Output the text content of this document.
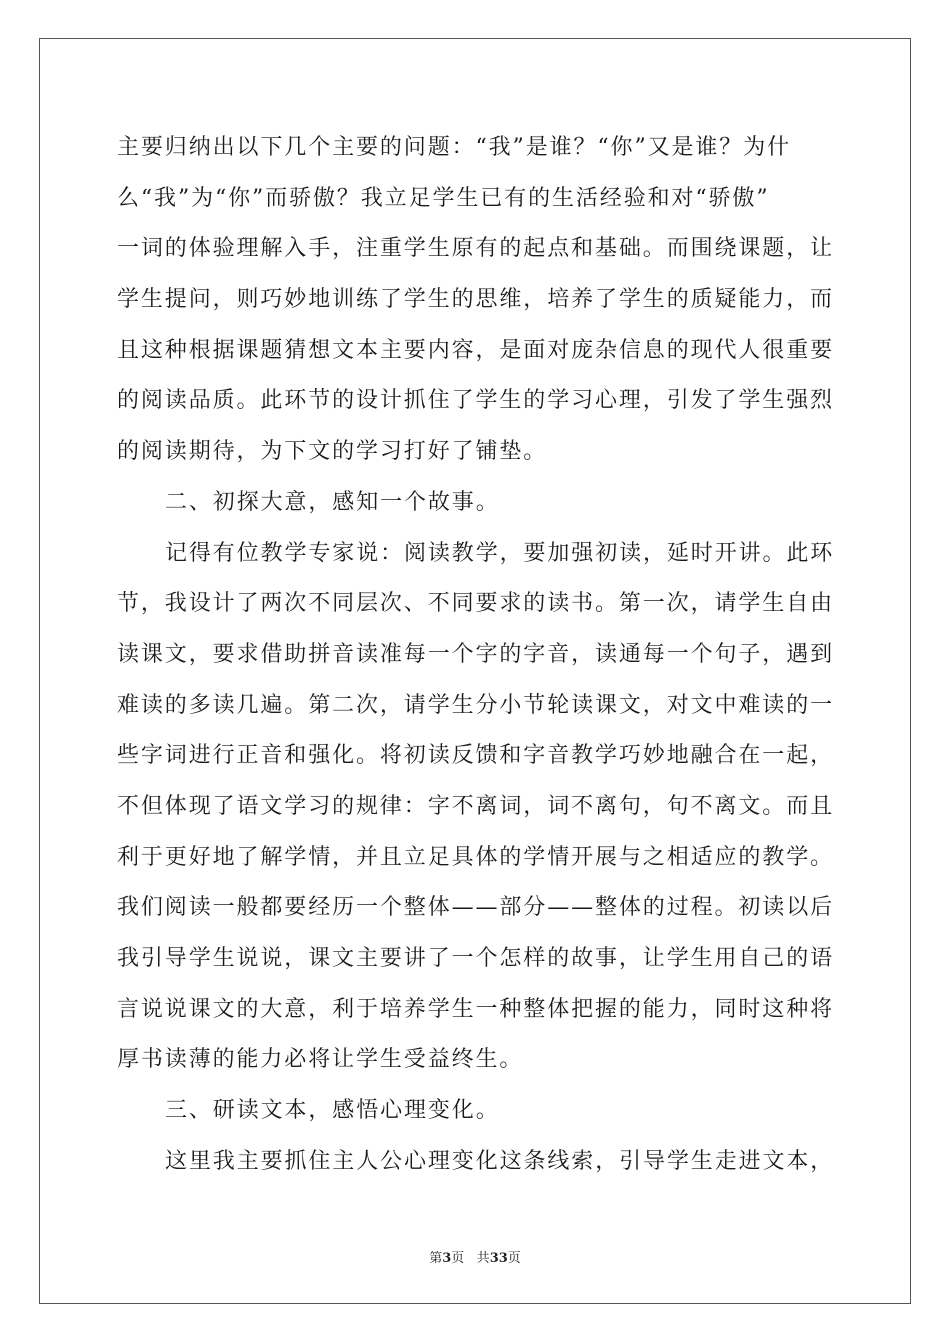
主要归纳出以下几个主要的问题：“我”是谁？“你”又是谁？为什
么“我”为“你”而骄傲？我立足学生已有的生活经验和对“骄傲”
一词的体验理解入手，注重学生原有的起点和基础。而围绕课题，让
学生提问，则巧妙地训练了学生的思维，培养了学生的质疑能力，而
且这种根据课题猜想文本主要内容，是面对庞杂信息的现代人很重要
的阅读品质。此环节的设计抓住了学生的学习心理，引发了学生强烈
的阅读期待，为下文的学习打好了铺垫。
二、初探大意，感知一个故事。
记得有位教学专家说：阅读教学，要加强初读，延时开讲。此环
节，我设计了两次不同层次、不同要求的读书。第一次，请学生自由
读课文，要求借助拼音读准每一个字的字音，读通每一个句子，遇到
难读的多读几遍。第二次，请学生分小节轮读课文，对文中难读的一
些字词进行正音和强化。将初读反馈和字音教学巧妙地融合在一起，
不但体现了语文学习的规律：字不离词，词不离句，句不离文。而且
利于更好地了解学情，并且立足具体的学情开展与之相适应的教学。
我们阅读一般都要经历一个整体——部分——整体的过程。初读以后
我引导学生说说，课文主要讲了一个怎样的故事，让学生用自己的语
言说说课文的大意，利于培养学生一种整体把握的能力，同时这种将
厚书读薄的能力必将让学生受益终生。
三、研读文本，感悟心理变化。
这里我主要抓住主人公心理变化这条线索，引导学生走进文本，
第3页 共33页
